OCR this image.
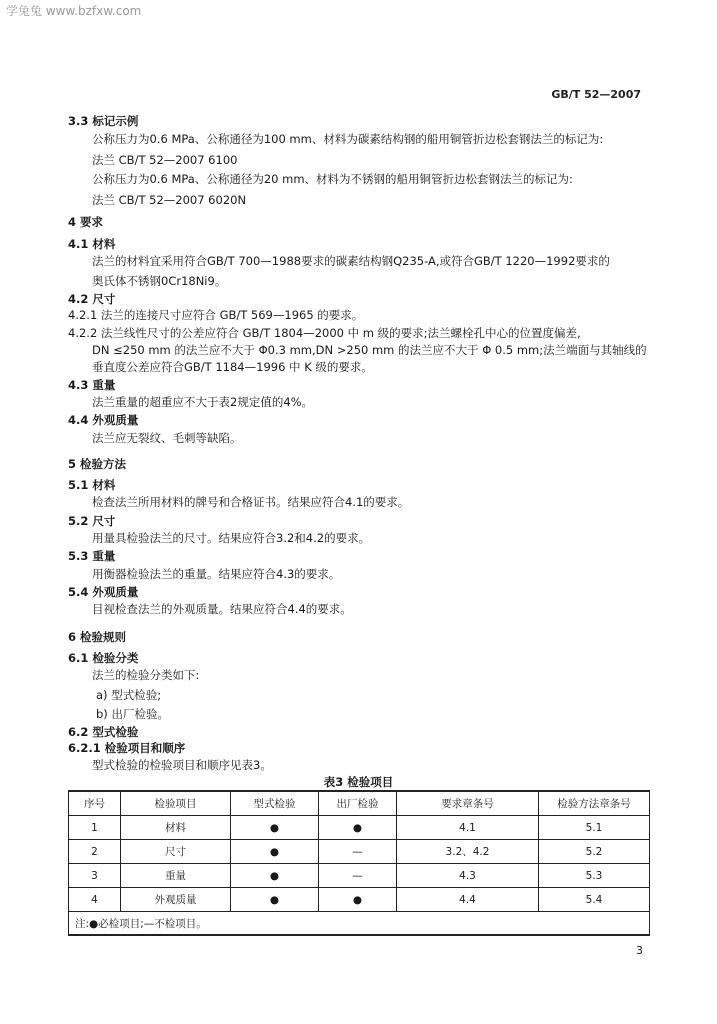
学兔兔 www.bzfxw.com
GB/T 52—2007
3.3 标记示例
公称压力为0.6 MPa、公称通径为100 mm、材料为碳素结构钢的船用铜管折边松套钢法兰的标记为:
法兰 CB/T 52—2007 6100
公称压力为0.6 MPa、公称通径为20 mm、材料为不锈钢的船用铜管折边松套钢法兰的标记为:
法兰 CB/T 52—2007 6020N
4 要求
4.1 材料
法兰的材料宜采用符合GB/T 700—1988要求的碳素结构钢Q235-A,或符合GB/T 1220—1992要求的
奥氏体不锈钢0Cr18Ni9。
4.2 尺寸
4.2.1 法兰的连接尺寸应符合 GB/T 569—1965 的要求。
4.2.2 法兰线性尺寸的公差应符合 GB/T 1804—2000 中 m 级的要求;法兰螺栓孔中心的位置度偏差,
DN ≤250 mm 的法兰应不大于 Φ0.3 mm,DN >250 mm 的法兰应不大于 Φ 0.5 mm;法兰端面与其轴线的
垂直度公差应符合GB/T 1184—1996 中 K 级的要求。
4.3 重量
法兰重量的超重应不大于表2规定值的4%。
4.4 外观质量
法兰应无裂纹、毛刺等缺陷。
5 检验方法
5.1 材料
检查法兰所用材料的牌号和合格证书。结果应符合4.1的要求。
5.2 尺寸
用量具检验法兰的尺寸。结果应符合3.2和4.2的要求。
5.3 重量
用衡器检验法兰的重量。结果应符合4.3的要求。
5.4 外观质量
目视检查法兰的外观质量。结果应符合4.4的要求。
6 检验规则
6.1 检验分类
法兰的检验分类如下:
a) 型式检验;
b) 出厂检验。
6.2 型式检验
6.2.1 检验项目和顺序
型式检验的检验项目和顺序见表3。
表3 检验项目
序号	检验项目	型式检验	出厂检验	要求章条号	检验方法章条号
1	材料	●	●	4.1	5.1
2	尺寸	●	—	3.2、4.2	5.2
3	重量	●	—	4.3	5.3
4	外观质量	●	●	4.4	5.4
注:●必检项目;—不检项目。					
3
